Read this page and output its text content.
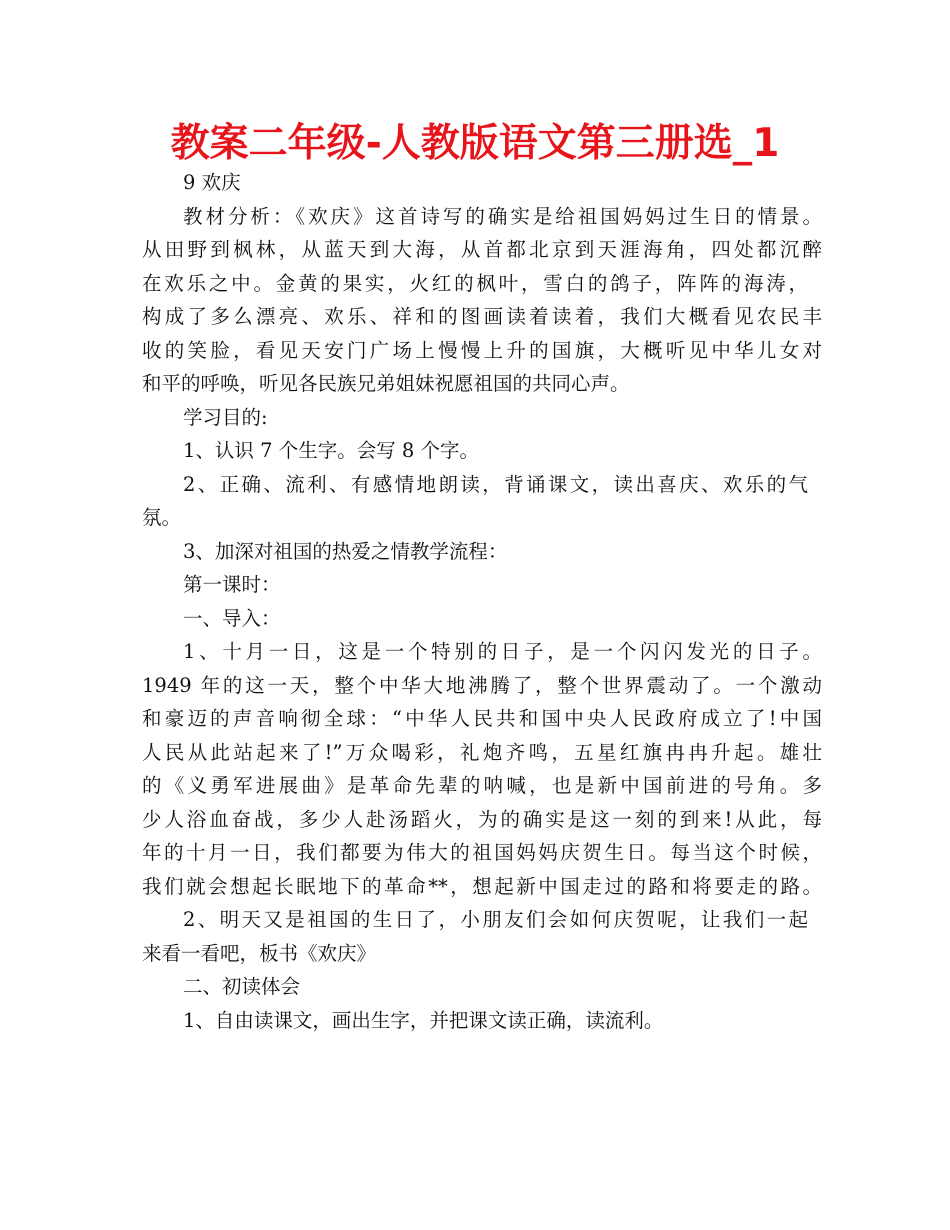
教案二年级-人教版语文第三册选_1
9 欢庆
教材分析：《欢庆》这首诗写的确实是给祖国妈妈过生日的情景。
从田野到枫林，从蓝天到大海，从首都北京到天涯海角，四处都沉醉
在欢乐之中。金黄的果实，火红的枫叶，雪白的鸽子，阵阵的海涛，
构成了多么漂亮、欢乐、祥和的图画读着读着，我们大概看见农民丰
收的笑脸，看见天安门广场上慢慢上升的国旗，大概听见中华儿女对
和平的呼唤，听见各民族兄弟姐妹祝愿祖国的共同心声。
学习目的:
1、认识 7 个生字。会写 8 个字。
2、正确、流利、有感情地朗读，背诵课文，读出喜庆、欢乐的气
氛。
3、加深对祖国的热爱之情教学流程：
第一课时：
一、导入：
1、十月一日，这是一个特别的日子，是一个闪闪发光的日子。
1949 年的这一天，整个中华大地沸腾了，整个世界震动了。一个激动
和豪迈的声音响彻全球：“中华人民共和国中央人民政府成立了!中国
人民从此站起来了!”万众喝彩，礼炮齐鸣，五星红旗冉冉升起。雄壮
的《义勇军进展曲》是革命先辈的呐喊，也是新中国前进的号角。多
少人浴血奋战，多少人赴汤蹈火，为的确实是这一刻的到来!从此，每
年的十月一日，我们都要为伟大的祖国妈妈庆贺生日。每当这个时候，
我们就会想起长眠地下的革命**，想起新中国走过的路和将要走的路。
2、明天又是祖国的生日了，小朋友们会如何庆贺呢，让我们一起
来看一看吧，板书《欢庆》
二、初读体会
1、自由读课文，画出生字，并把课文读正确，读流利。
